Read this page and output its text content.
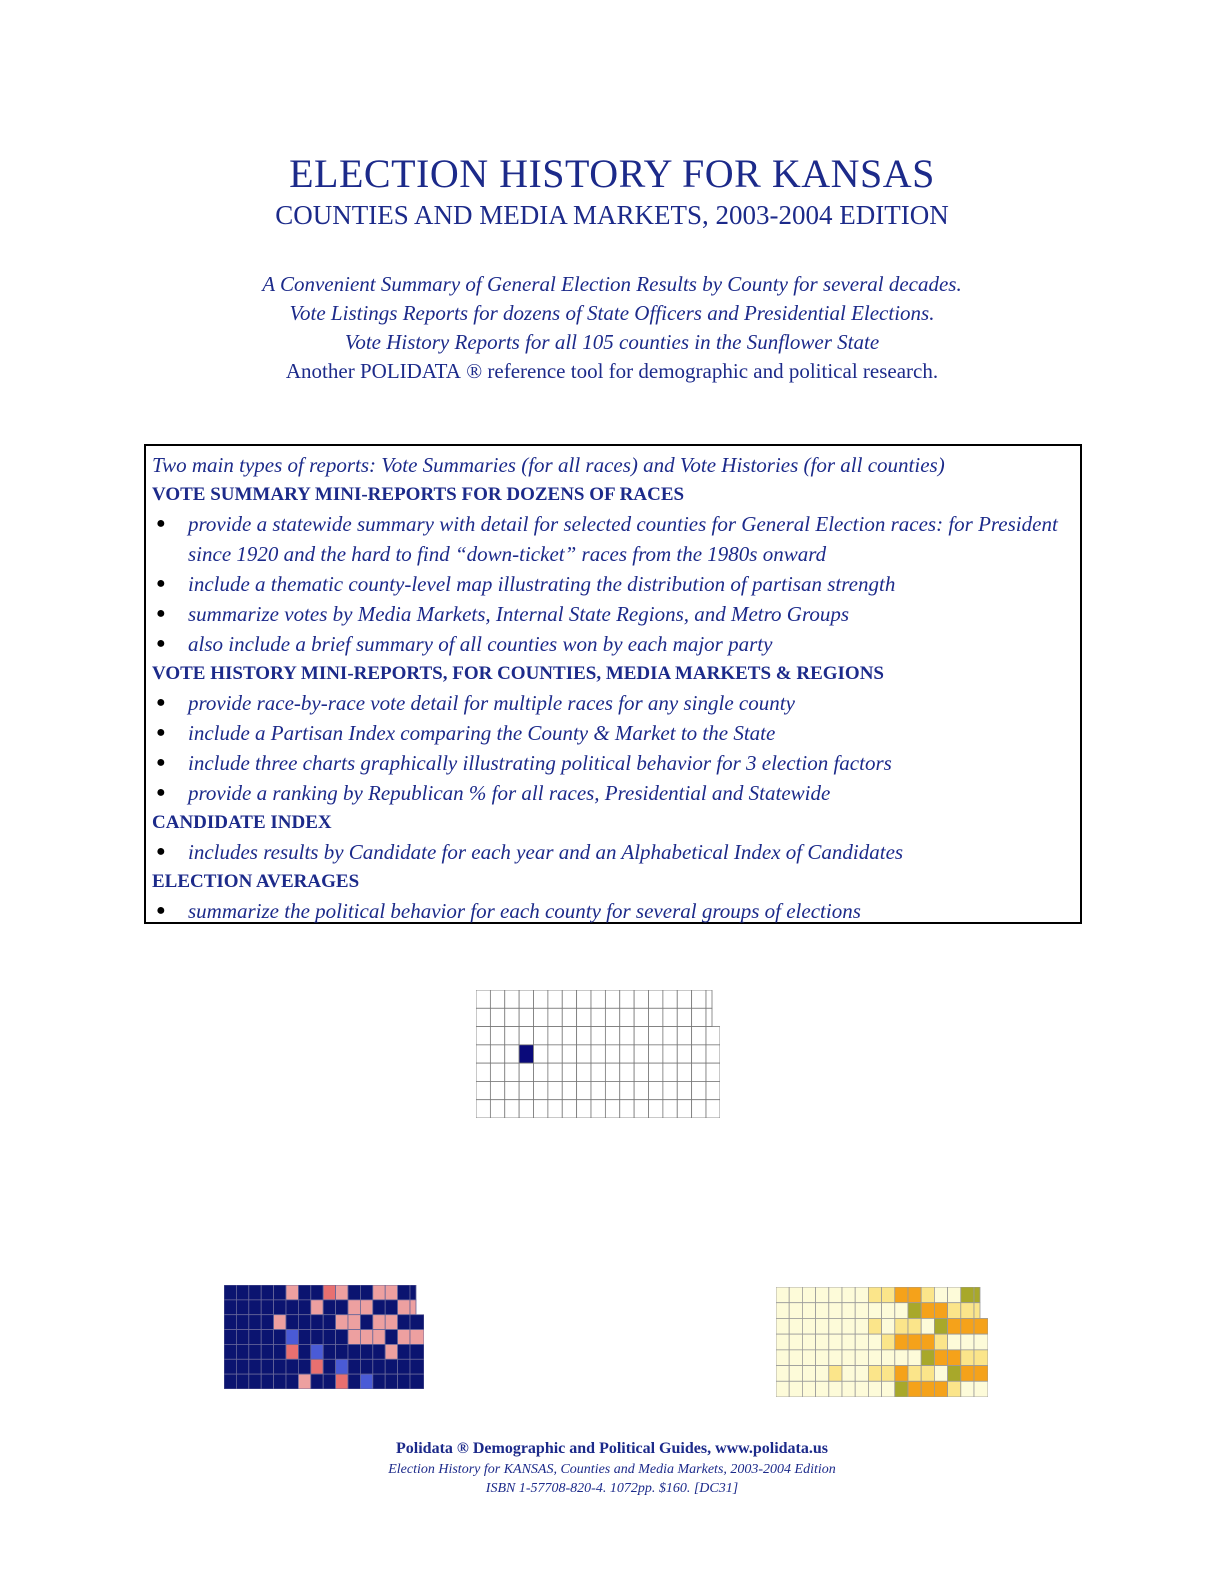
ELECTION HISTORY FOR KANSAS
COUNTIES AND MEDIA MARKETS, 2003-2004 EDITION
A Convenient Summary of General Election Results by County for several decades.
Vote Listings Reports for dozens of State Officers and Presidential Elections.
Vote History Reports for all 105 counties in the Sunflower State
Another POLIDATA ® reference tool for demographic and political research.
Two main types of reports: Vote Summaries (for all races) and Vote Histories (for all counties)
VOTE SUMMARY MINI-REPORTS FOR DOZENS OF RACES
● provide a statewide summary with detail for selected counties for General Election races: for President since 1920 and the hard to find “down-ticket” races from the 1980s onward
● include a thematic county-level map illustrating the distribution of partisan strength
● summarize votes by Media Markets, Internal State Regions, and Metro Groups
● also include a brief summary of all counties won by each major party
VOTE HISTORY MINI-REPORTS, FOR COUNTIES, MEDIA MARKETS & REGIONS
● provide race-by-race vote detail for multiple races for any single county
● include a Partisan Index comparing the County & Market to the State
● include three charts graphically illustrating political behavior for 3 election factors
● provide a ranking by Republican % for all races, Presidential and Statewide
CANDIDATE INDEX
● includes results by Candidate for each year and an Alphabetical Index of Candidates
ELECTION AVERAGES
● summarize the political behavior for each county for several groups of elections
Polidata ® Demographic and Political Guides, www.polidata.us
Election History for KANSAS, Counties and Media Markets, 2003-2004 Edition
ISBN 1-57708-820-4. 1072pp. $160. [DC31]
